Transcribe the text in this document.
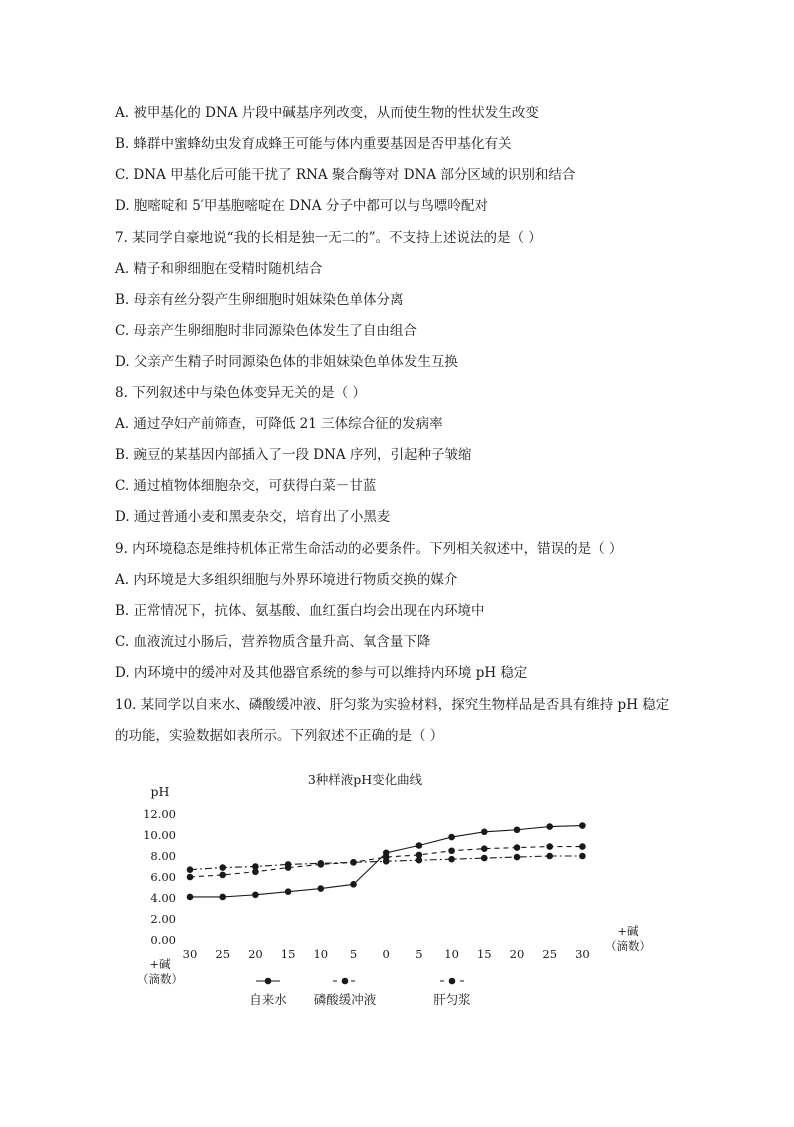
A. 被甲基化的 DNA 片段中碱基序列改变，从而使生物的性状发生改变
B. 蜂群中蜜蜂幼虫发育成蜂王可能与体内重要基因是否甲基化有关
C. DNA 甲基化后可能干扰了 RNA 聚合酶等对 DNA 部分区域的识别和结合
D. 胞嘧啶和 5′甲基胞嘧啶在 DNA 分子中都可以与鸟嘌呤配对
7. 某同学自豪地说“我的长相是独一无二的”。不支持上述说法的是（ ）
A. 精子和卵细胞在受精时随机结合
B. 母亲有丝分裂产生卵细胞时姐妹染色单体分离
C. 母亲产生卵细胞时非同源染色体发生了自由组合
D. 父亲产生精子时同源染色体的非姐妹染色单体发生互换
8. 下列叙述中与染色体变异无关的是（ ）
A. 通过孕妇产前筛查，可降低 21 三体综合征的发病率
B. 豌豆的某基因内部插入了一段 DNA 序列，引起种子皱缩
C. 通过植物体细胞杂交，可获得白菜－甘蓝
D. 通过普通小麦和黑麦杂交，培育出了小黑麦
9. 内环境稳态是维持机体正常生命活动的必要条件。下列相关叙述中，错误的是（ ）
A. 内环境是大多组织细胞与外界环境进行物质交换的媒介
B. 正常情况下，抗体、氨基酸、血红蛋白均会出现在内环境中
C. 血液流过小肠后，营养物质含量升高、氧含量下降
D. 内环境中的缓冲对及其他器官系统的参与可以维持内环境 pH 稳定
10. 某同学以自来水、磷酸缓冲液、肝匀浆为实验材料，探究生物样品是否具有维持 pH 稳定
的功能，实验数据如表所示。下列叙述不正确的是（ ）
3种样液pH变化曲线
pH
0.00
2.00
4.00
6.00
8.00
10.00
12.00
30 25 20 15 10 5 0 5 10 15 20 25 30
+碱
（滴数）
+碱
（滴数）
自来水 磷酸缓冲液	肝匀浆
